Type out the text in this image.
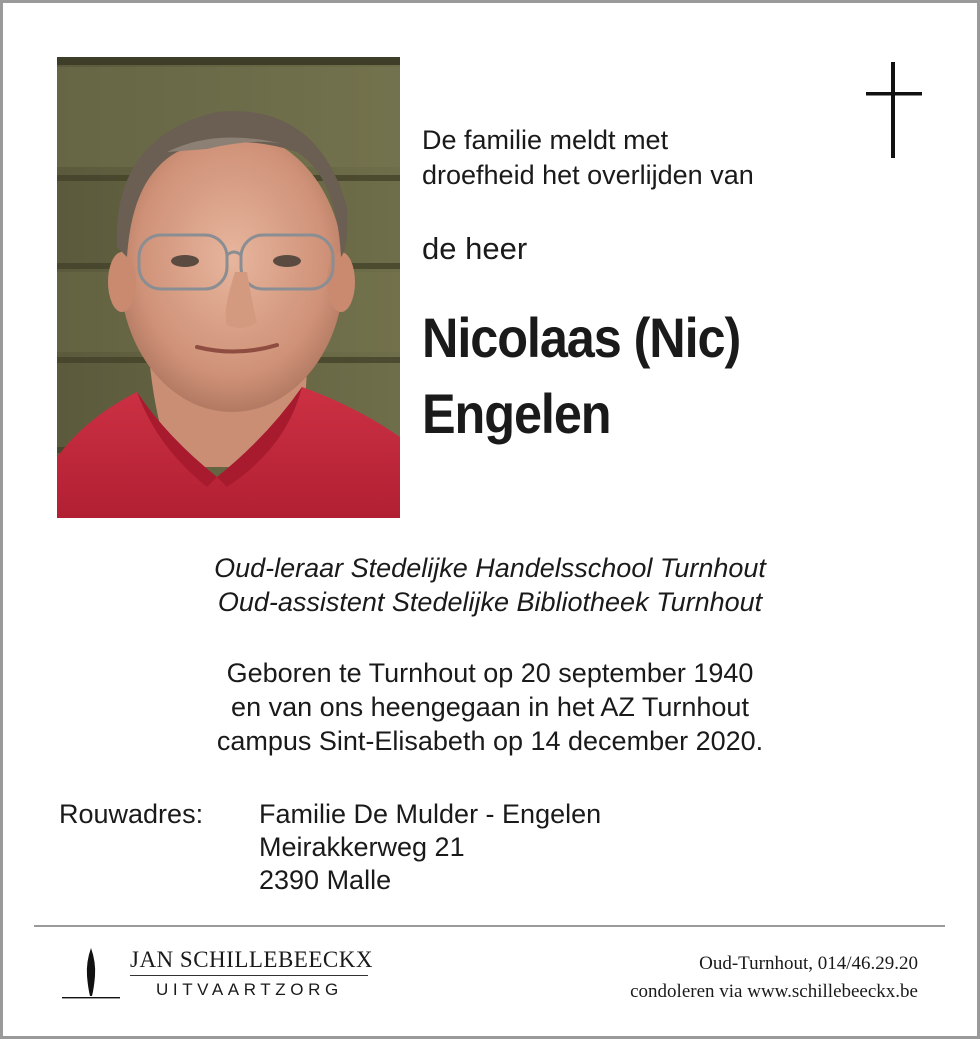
De familie meldt met
droefheid het overlijden van
de heer
Nicolaas (Nic)
Engelen
Oud-leraar Stedelijke Handelsschool Turnhout
Oud-assistent Stedelijke Bibliotheek Turnhout
Geboren te Turnhout op 20 september 1940
en van ons heengegaan in het AZ Turnhout
campus Sint-Elisabeth op 14 december 2020.
Rouwadres: Familie De Mulder - Engelen
Meirakkerweg 21
2390 Malle
JAN SCHILLEBEECKX
UITVAARTZORG
Oud-Turnhout, 014/46.29.20
condoleren via www.schillebeeckx.be
